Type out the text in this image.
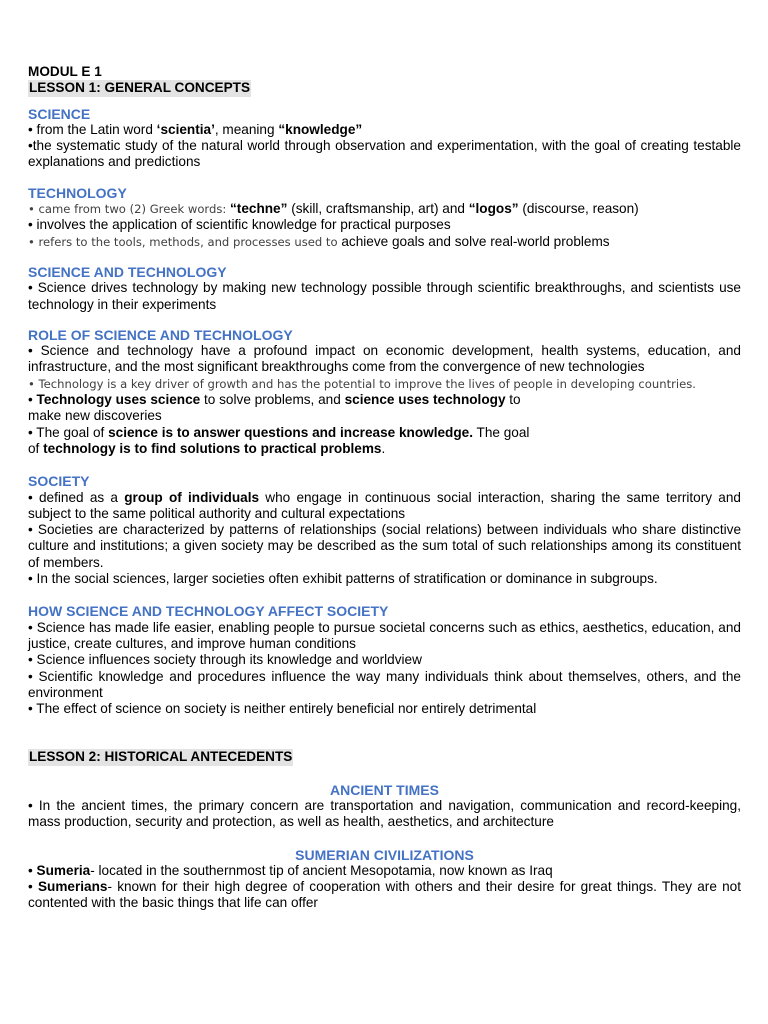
MODUL E 1
LESSON 1: GENERAL CONCEPTS
SCIENCE
• from the Latin word ‘scientia’, meaning “knowledge”
•the systematic study of the natural world through observation and experimentation, with the goal of creating testable explanations and predictions
TECHNOLOGY
• came from two (2) Greek words: “techne” (skill, craftsmanship, art) and “logos” (discourse, reason)
• involves the application of scientific knowledge for practical purposes
• refers to the tools, methods, and processes used to achieve goals and solve real-world problems
SCIENCE AND TECHNOLOGY
• Science drives technology by making new technology possible through scientific breakthroughs, and scientists use technology in their experiments
ROLE OF SCIENCE AND TECHNOLOGY
• Science and technology have a profound impact on economic development, health systems, education, and infrastructure, and the most significant breakthroughs come from the convergence of new technologies
• Technology is a key driver of growth and has the potential to improve the lives of people in developing countries.
• Technology uses science to solve problems, and science uses technology to
make new discoveries
• The goal of science is to answer questions and increase knowledge. The goal
of technology is to find solutions to practical problems.
SOCIETY
• defined as a group of individuals who engage in continuous social interaction, sharing the same territory and subject to the same political authority and cultural expectations
• Societies are characterized by patterns of relationships (social relations) between individuals who share distinctive culture and institutions; a given society may be described as the sum total of such relationships among its constituent of members.
• In the social sciences, larger societies often exhibit patterns of stratification or dominance in subgroups.
HOW SCIENCE AND TECHNOLOGY AFFECT SOCIETY
• Science has made life easier, enabling people to pursue societal concerns such as ethics, aesthetics, education, and justice, create cultures, and improve human conditions
• Science influences society through its knowledge and worldview
• Scientific knowledge and procedures influence the way many individuals think about themselves, others, and the environment
• The effect of science on society is neither entirely beneficial nor entirely detrimental
LESSON 2: HISTORICAL ANTECEDENTS
ANCIENT TIMES
• In the ancient times, the primary concern are transportation and navigation, communication and record-keeping, mass production, security and protection, as well as health, aesthetics, and architecture
SUMERIAN CIVILIZATIONS
• Sumeria- located in the southernmost tip of ancient Mesopotamia, now known as Iraq
• Sumerians- known for their high degree of cooperation with others and their desire for great things. They are not contented with the basic things that life can offer
